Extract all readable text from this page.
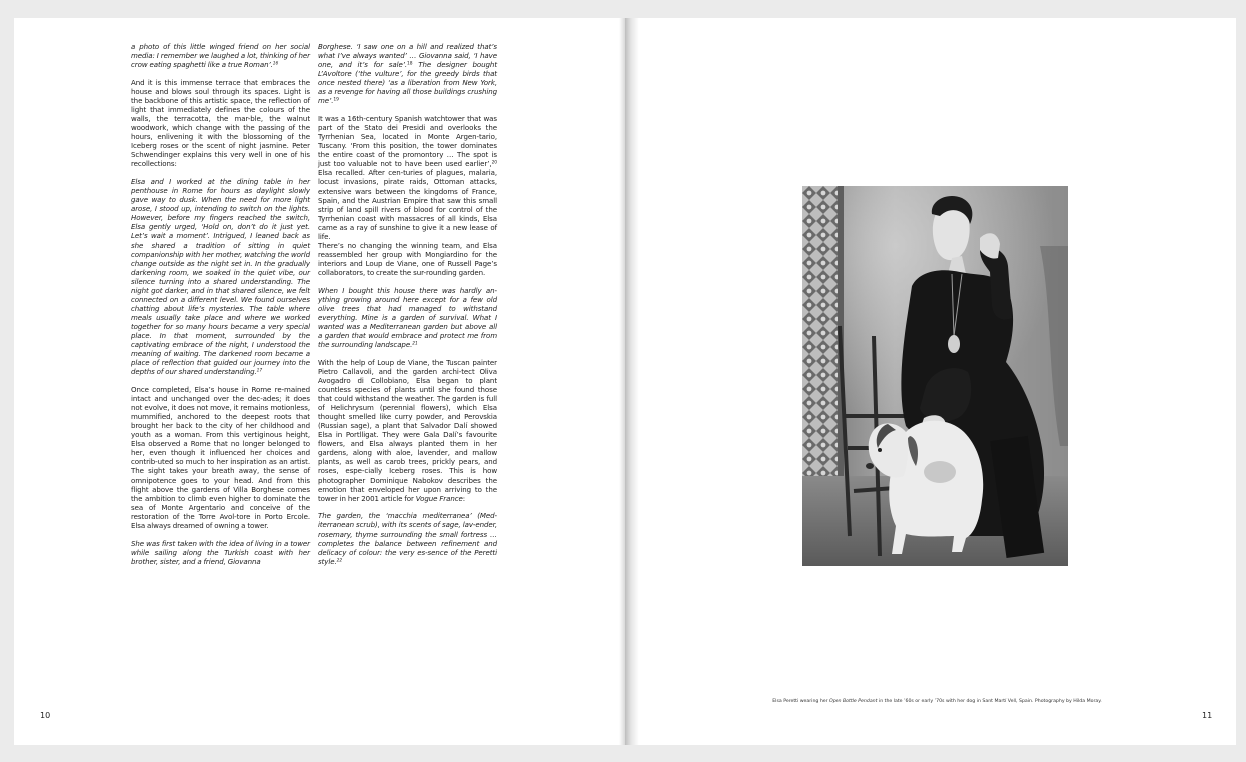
a photo of this little winged friend on her social media: I remember we laughed a lot, thinking of her crow eating spaghetti like a true Roman’.$^{16}$

And it is this immense terrace that embraces the house and blows soul through its spaces. Light is the backbone of this artistic space, the reflection of light that immediately defines the colours of the walls, the terracotta, the mar-ble, the walnut woodwork, which change with the passing of the hours, enlivening it with the blossoming of the Iceberg roses or the scent of night jasmine. Peter Schwendinger explains this very well in one of his recollections:

Elsa and I worked at the dining table in her penthouse in Rome for hours as daylight slowly gave way to dusk. When the need for more light arose, I stood up, intending to switch on the lights. However, before my fingers reached the switch, Elsa gently urged, ‘Hold on, don’t do it just yet. Let’s wait a moment’. Intrigued, I leaned back as she shared a tradition of sitting in quiet companionship with her mother, watching the world change outside as the night set in. In the gradually darkening room, we soaked in the quiet vibe, our silence turning into a shared understanding. The night got darker, and in that shared silence, we felt connected on a different level. We found ourselves chatting about life’s mysteries. The table where meals usually take place and where we worked together for so many hours became a very special place. In that moment, surrounded by the captivating embrace of the night, I understood the meaning of waiting. The darkened room became a place of reflection that guided our journey into the depths of our shared understanding.$^{17}$

Once completed, Elsa’s house in Rome re-mained intact and unchanged over the dec-ades; it does not evolve, it does not move, it remains motionless, mummified, anchored to the deepest roots that brought her back to the city of her childhood and youth as a woman. From this vertiginous height, Elsa observed a Rome that no longer belonged to her, even though it influenced her choices and contrib-uted so much to her inspiration as an artist. The sight takes your breath away, the sense of omnipotence goes to your head. And from this flight above the gardens of Villa Borghese comes the ambition to climb even higher to dominate the sea of Monte Argentario and conceive of the restoration of the Torre Avol-tore in Porto Ercole. Elsa always dreamed of owning a tower.

She was first taken with the idea of living in a tower while sailing along the Turkish coast with her brother, sister, and a friend, Giovanna

Borghese. ‘I saw one on a hill and realized that’s what I’ve always wanted’ … Giovanna said, ‘I have one, and it’s for sale’.$^{18}$ The designer bought L’Avoltore (‘the vulture’, for the greedy birds that once nested there) ‘as a liberation from New York, as a revenge for having all those buildings crushing me’.$^{19}$

It was a 16th-century Spanish watchtower that was part of the Stato dei Presidi and overlooks the Tyrrhenian Sea, located in Monte Argen-tario, Tuscany. ‘From this position, the tower dominates the entire coast of the promontory … The spot is just too valuable not to have been used earlier’,$^{20}$ Elsa recalled. After cen-turies of plagues, malaria, locust invasions, pirate raids, Ottoman attacks, extensive wars between the kingdoms of France, Spain, and the Austrian Empire that saw this small strip of land spill rivers of blood for control of the Tyrrhenian coast with massacres of all kinds, Elsa came as a ray of sunshine to give it a new lease of life.

There’s no changing the winning team, and Elsa reassembled her group with Mongiardino for the interiors and Loup de Viane, one of Russell Page’s collaborators, to create the sur-rounding garden.

When I bought this house there was hardly an-ything growing around here except for a few old olive trees that had managed to withstand everything. Mine is a garden of survival. What I wanted was a Mediterranean garden but above all a garden that would embrace and protect me from the surrounding landscape.$^{21}$

With the help of Loup de Viane, the Tuscan painter Pietro Callavoli, and the garden archi-tect Oliva Avogadro di Collobiano, Elsa began to plant countless species of plants until she found those that could withstand the weather. The garden is full of Helichrysum (perennial flowers), which Elsa thought smelled like curry powder, and Perovskia (Russian sage), a plant that Salvador Dalí showed Elsa in Portlligat. They were Gala Dalí’s favourite flowers, and Elsa always planted them in her gardens, along with aloe, lavender, and mallow plants, as well as carob trees, prickly pears, and roses, espe-cially Iceberg roses. This is how photographer Dominique Nabokov describes the emotion that enveloped her upon arriving to the tower in her 2001 article for Vogue France:

The garden, the ‘macchia mediterranea’ (Med-iterranean scrub), with its scents of sage, lav-ender, rosemary, thyme surrounding the small fortress … completes the balance between refinement and delicacy of colour: the very es-sence of the Peretti style.$^{22}$

10
Elsa Peretti wearing her Open Bottle Pendant in the late ’60s or early ’70s with her dog in Sant Martí Vell, Spain. Photography by Hilda Moray.
11
